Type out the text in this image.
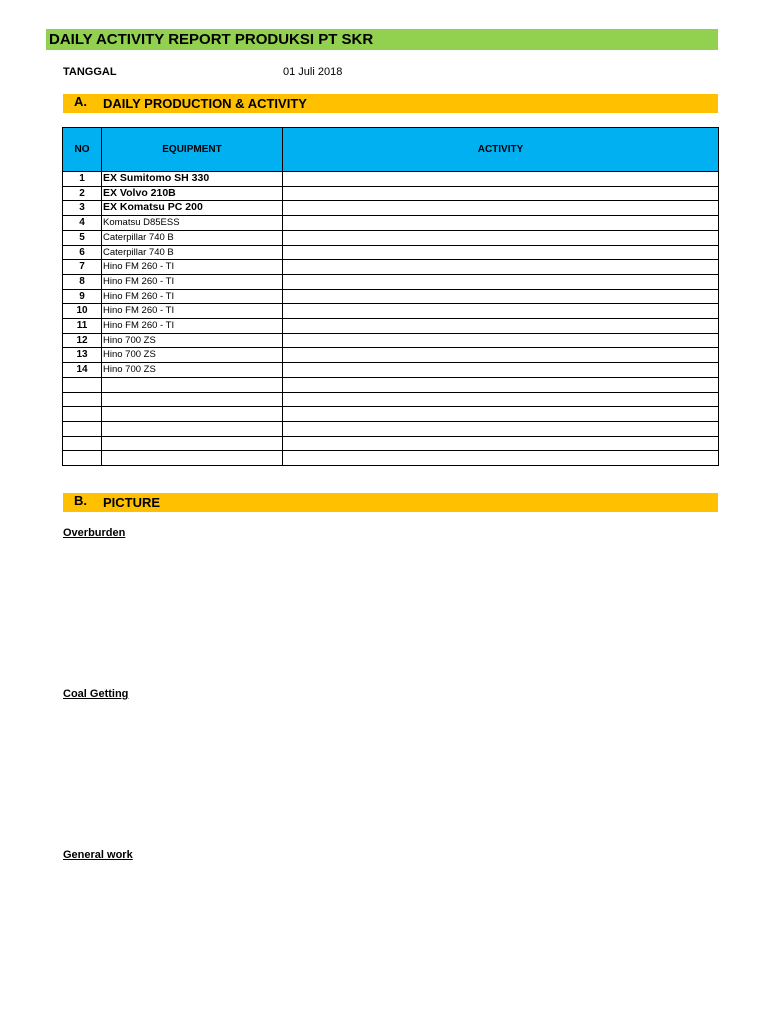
DAILY ACTIVITY REPORT PRODUKSI PT SKR
TANGGAL	01 Juli 2018
A. DAILY PRODUCTION & ACTIVITY
NO	EQUIPMENT	ACTIVITY
1	EX Sumitomo SH 330	
2	EX Volvo 210B	
3	EX Komatsu PC 200	
4	Komatsu D85ESS	
5	Caterpillar 740 B	
6	Caterpillar 740 B	
7	Hino FM 260 - TI	
8	Hino FM 260 - TI	
9	Hino FM 260 - TI	
10	Hino FM 260 - TI	
11	Hino FM 260 - TI	
12	Hino 700 ZS	
13	Hino 700 ZS	
14	Hino 700 ZS	

B. PICTURE
Overburden
Coal Getting
General work
